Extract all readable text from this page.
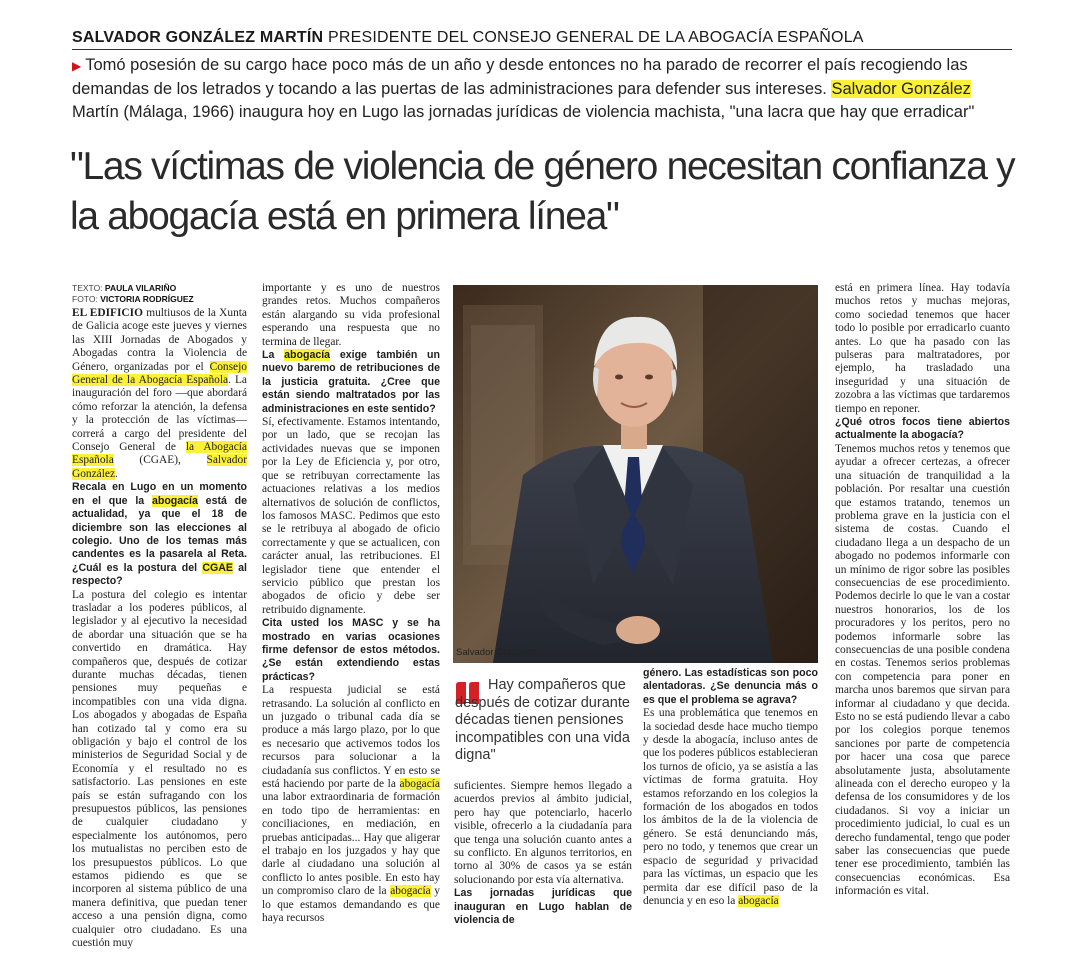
SALVADOR GONZÁLEZ MARTÍN PRESIDENTE DEL CONSEJO GENERAL DE LA ABOGACÍA ESPAÑOLA
▶ Tomó posesión de su cargo hace poco más de un año y desde entonces no ha parado de recorrer el país recogiendo las demandas de los letrados y tocando a las puertas de las administraciones para defender sus intereses. Salvador González Martín (Málaga, 1966) inaugura hoy en Lugo las jornadas jurídicas de violencia machista, "una lacra que hay que erradicar"
"Las víctimas de violencia de género necesitan confianza y la abogacía está en primera línea"
TEXTO: PAULA VILARIÑO
FOTO: VICTORIA RODRÍGUEZ

EL EDIFICIO multiusos de la Xunta de Galicia acoge este jueves y viernes las XIII Jornadas de Abogados y Abogadas contra la Violencia de Género, organizadas por el Consejo General de la Abogacía Española. La inauguración del foro —que abordará cómo reforzar la atención, la defensa y la protección de las víctimas— correrá a cargo del presidente del Consejo General de la Abogacía Española (CGAE), Salvador González.

Recala en Lugo en un momento en el que la abogacía está de actualidad, ya que el 18 de diciembre son las elecciones al colegio. Uno de los temas más candentes es la pasarela al Reta. ¿Cuál es la postura del CGAE al respecto?

La postura del colegio es intentar trasladar a los poderes públicos, al legislador y al ejecutivo la necesidad de abordar una situación que se ha convertido en dramática. Hay compañeros que, después de cotizar durante muchas décadas, tienen pensiones muy pequeñas e incompatibles con una vida digna. Los abogados y abogadas de España han cotizado tal y como era su obligación y bajo el control de los ministerios de Seguridad Social y de Economía y el resultado no es satisfactorio. Las pensiones en este país se están sufragando con los presupuestos públicos, las pensiones de cualquier ciudadano y especialmente los autónomos, pero los mutualistas no perciben esto de los presupuestos públicos. Lo que estamos pidiendo es que se incorporen al sistema público de una manera definitiva, que puedan tener acceso a una pensión digna, como cualquier otro ciudadano. Es una cuestión muy

importante y es uno de nuestros grandes retos. Muchos compañeros están alargando su vida profesional esperando una respuesta que no termina de llegar.

La abogacía exige también un nuevo baremo de retribuciones de la justicia gratuita. ¿Cree que están siendo maltratados por las administraciones en este sentido?

Sí, efectivamente. Estamos intentando, por un lado, que se recojan las actividades nuevas que se imponen por la Ley de Eficiencia y, por otro, que se retribuyan correctamente las actuaciones relativas a los medios alternativos de solución de conflictos, los famosos MASC. Pedimos que esto se le retribuya al abogado de oficio correctamente y que se actualicen, con carácter anual, las retribuciones. El legislador tiene que entender el servicio público que prestan los abogados de oficio y debe ser retribuido dignamente.

Cita usted los MASC y se ha mostrado en varias ocasiones firme defensor de estos métodos. ¿Se están extendiendo estas prácticas?

La respuesta judicial se está retrasando. La solución al conflicto en un juzgado o tribunal cada día se produce a más largo plazo, por lo que es necesario que activemos todos los recursos para solucionar a la ciudadanía sus conflictos. Y en esto se está haciendo por parte de la abogacía una labor extraordinaria de formación en todo tipo de herramientas: en conciliaciones, en mediación, en pruebas anticipadas... Hay que aligerar el trabajo en los juzgados y hay que darle al ciudadano una solución al conflicto lo antes posible. En esto hay un compromiso claro de la abogacía y lo que estamos demandando es que haya recursos

Salvador González.
Hay compañeros que después de cotizar durante décadas tienen pensiones incompatibles con una vida digna"

suficientes. Siempre hemos llegado a acuerdos previos al ámbito judicial, pero hay que potenciarlo, hacerlo visible, ofrecerlo a la ciudadanía para que tenga una solución cuanto antes a su conflicto. En algunos territorios, en torno al 30% de casos ya se están solucionando por esta vía alternativa.

Las jornadas jurídicas que inauguran en Lugo hablan de violencia de

género. Las estadísticas son poco alentadoras. ¿Se denuncia más o es que el problema se agrava?

Es una problemática que tenemos en la sociedad desde hace mucho tiempo y desde la abogacía, incluso antes de que los poderes públicos establecieran los turnos de oficio, ya se asistía a las víctimas de forma gratuita. Hoy estamos reforzando en los colegios la formación de los abogados en todos los ámbitos de la de la violencia de género. Se está denunciando más, pero no todo, y tenemos que crear un espacio de seguridad y privacidad para las víctimas, un espacio que les permita dar ese difícil paso de la denuncia y en eso la abogacía

está en primera línea. Hay todavía muchos retos y muchas mejoras, como sociedad tenemos que hacer todo lo posible por erradicarlo cuanto antes. Lo que ha pasado con las pulseras para maltratadores, por ejemplo, ha trasladado una inseguridad y una situación de zozobra a las víctimas que tardaremos tiempo en reponer.

¿Qué otros focos tiene abiertos actualmente la abogacía?

Tenemos muchos retos y tenemos que ayudar a ofrecer certezas, a ofrecer una situación de tranquilidad a la población. Por resaltar una cuestión que estamos tratando, tenemos un problema grave en la justicia con el sistema de costas. Cuando el ciudadano llega a un despacho de un abogado no podemos informarle con un mínimo de rigor sobre las posibles consecuencias de ese procedimiento. Podemos decirle lo que le van a costar nuestros honorarios, los de los procuradores y los peritos, pero no podemos informarle sobre las consecuencias de una posible condena en costas. Tenemos serios problemas con competencia para poner en marcha unos baremos que sirvan para informar al ciudadano y que decida. Esto no se está pudiendo llevar a cabo por los colegios porque tenemos sanciones por parte de competencia por hacer una cosa que parece absolutamente justa, absolutamente alineada con el derecho europeo y la defensa de los consumidores y de los ciudadanos. Si voy a iniciar un procedimiento judicial, lo cual es un derecho fundamental, tengo que poder saber las consecuencias que puede tener ese procedimiento, también las consecuencias económicas. Esa información es vital.
